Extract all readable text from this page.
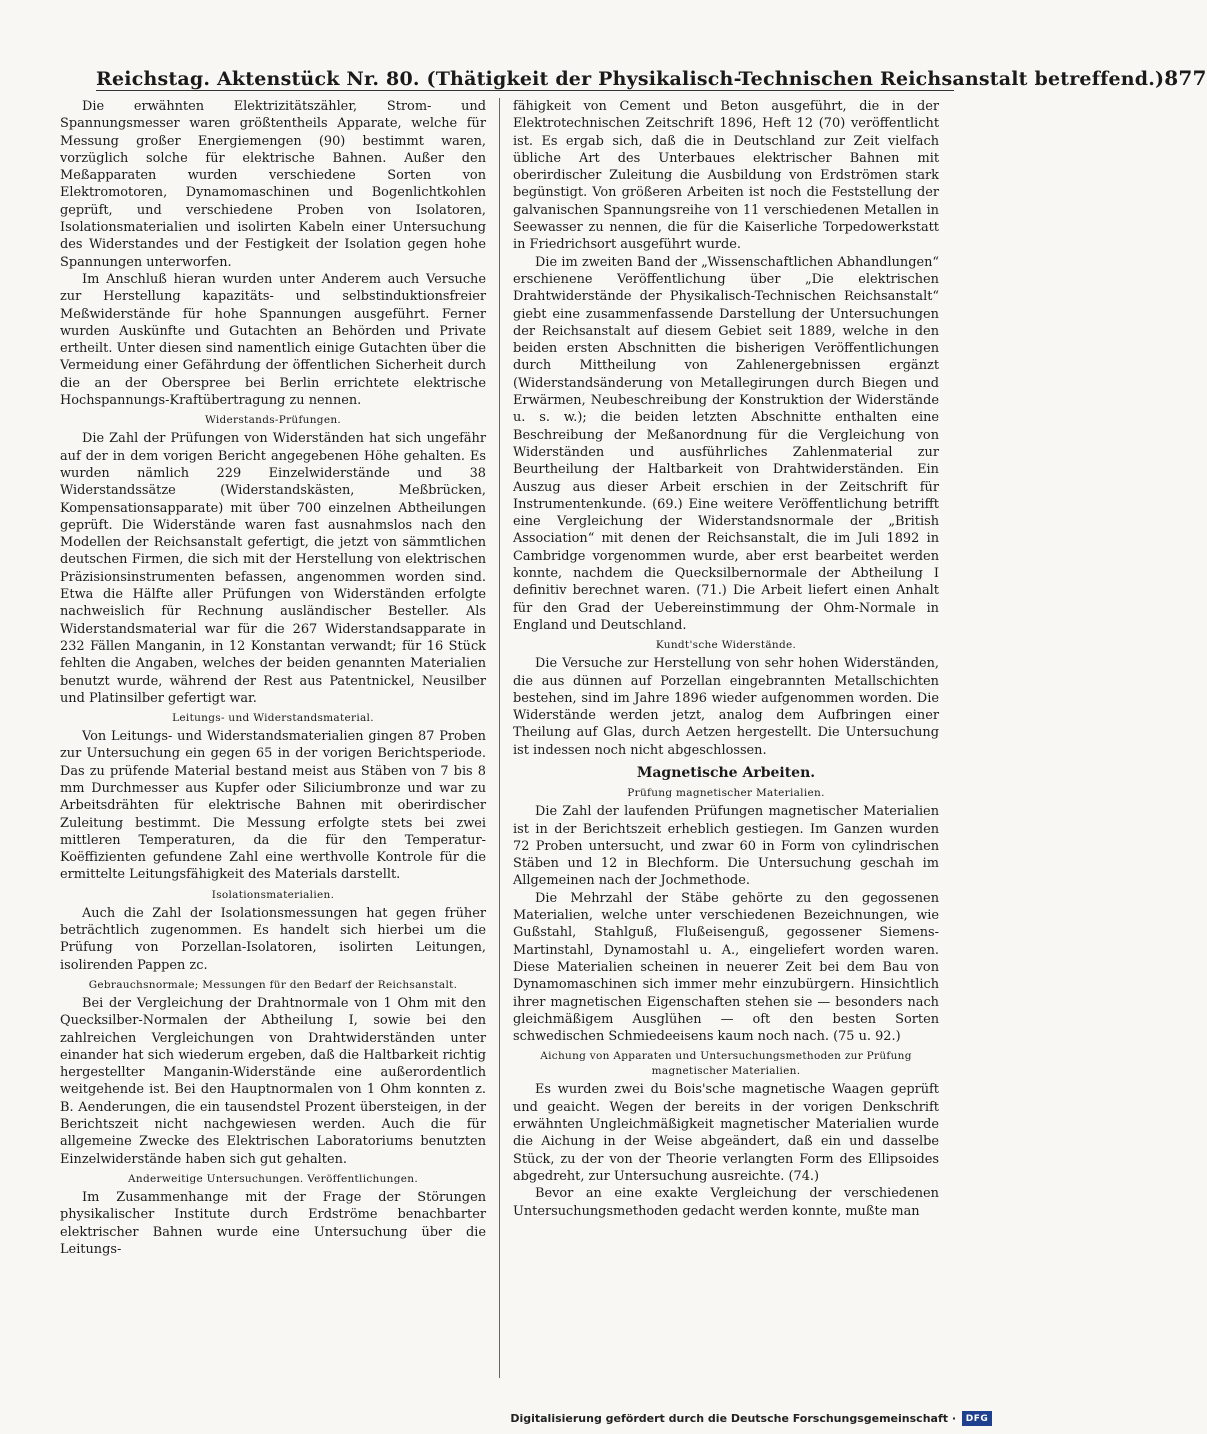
Reichstag. Aktenstück Nr. 80. (Thätigkeit der Physikalisch-Technischen Reichsanstalt betreffend.) 877

Die erwähnten Elektrizitätszähler, Strom- und Spannungsmesser waren größtentheils Apparate, welche für Messung großer Energiemengen (90) bestimmt waren, vorzüglich solche für elektrische Bahnen. Außer den Meßapparaten wurden verschiedene Sorten von Elektromotoren, Dynamomaschinen und Bogenlichtkohlen geprüft, und verschiedene Proben von Isolatoren, Isolationsmaterialien und isolirten Kabeln einer Untersuchung des Widerstandes und der Festigkeit der Isolation gegen hohe Spannungen unterworfen.

Im Anschluß hieran wurden unter Anderem auch Versuche zur Herstellung kapazitäts- und selbstinduktionsfreier Meßwiderstände für hohe Spannungen ausgeführt. Ferner wurden Auskünfte und Gutachten an Behörden und Private ertheilt. Unter diesen sind namentlich einige Gutachten über die Vermeidung einer Gefährdung der öffentlichen Sicherheit durch die an der Oberspree bei Berlin errichtete elektrische Hochspannungs-Kraftübertragung zu nennen.

Widerstands-Prüfungen.

Die Zahl der Prüfungen von Widerständen hat sich ungefähr auf der in dem vorigen Bericht angegebenen Höhe gehalten. Es wurden nämlich 229 Einzelwiderstände und 38 Widerstandssätze (Widerstandskästen, Meßbrücken, Kompensationsapparate) mit über 700 einzelnen Abtheilungen geprüft. Die Widerstände waren fast ausnahmslos nach den Modellen der Reichsanstalt gefertigt, die jetzt von sämmtlichen deutschen Firmen, die sich mit der Herstellung von elektrischen Präzisionsinstrumenten befassen, angenommen worden sind. Etwa die Hälfte aller Prüfungen von Widerständen erfolgte nachweislich für Rechnung ausländischer Besteller. Als Widerstandsmaterial war für die 267 Widerstandsapparate in 232 Fällen Manganin, in 12 Konstantan verwandt; für 16 Stück fehlten die Angaben, welches der beiden genannten Materialien benutzt wurde, während der Rest aus Patentnickel, Neusilber und Platinsilber gefertigt war.

Leitungs- und Widerstandsmaterial.

Von Leitungs- und Widerstandsmaterialien gingen 87 Proben zur Untersuchung ein gegen 65 in der vorigen Berichtsperiode. Das zu prüfende Material bestand meist aus Stäben von 7 bis 8 mm Durchmesser aus Kupfer oder Siliciumbronze und war zu Arbeitsdrähten für elektrische Bahnen mit oberirdischer Zuleitung bestimmt. Die Messung erfolgte stets bei zwei mittleren Temperaturen, da die für den Temperatur-Koëffizienten gefundene Zahl eine werthvolle Kontrole für die ermittelte Leitungsfähigkeit des Materials darstellt.

Isolationsmaterialien.

Auch die Zahl der Isolationsmessungen hat gegen früher beträchtlich zugenommen. Es handelt sich hierbei um die Prüfung von Porzellan-Isolatoren, isolirten Leitungen, isolirenden Pappen zc.

Gebrauchsnormale; Messungen für den Bedarf der Reichsanstalt.

Bei der Vergleichung der Drahtnormale von 1 Ohm mit den Quecksilber-Normalen der Abtheilung I, sowie bei den zahlreichen Vergleichungen von Drahtwiderständen unter einander hat sich wiederum ergeben, daß die Haltbarkeit richtig hergestellter Manganin-Widerstände eine außerordentlich weitgehende ist. Bei den Hauptnormalen von 1 Ohm konnten z. B. Aenderungen, die ein tausendstel Prozent übersteigen, in der Berichtszeit nicht nachgewiesen werden. Auch die für allgemeine Zwecke des Elektrischen Laboratoriums benutzten Einzelwiderstände haben sich gut gehalten.

Anderweitige Untersuchungen. Veröffentlichungen.

Im Zusammenhange mit der Frage der Störungen physikalischer Institute durch Erdströme benachbarter elektrischer Bahnen wurde eine Untersuchung über die Leitungs-

fähigkeit von Cement und Beton ausgeführt, die in der Elektrotechnischen Zeitschrift 1896, Heft 12 (70) veröffentlicht ist. Es ergab sich, daß die in Deutschland zur Zeit vielfach übliche Art des Unterbaues elektrischer Bahnen mit oberirdischer Zuleitung die Ausbildung von Erdströmen stark begünstigt. Von größeren Arbeiten ist noch die Feststellung der galvanischen Spannungsreihe von 11 verschiedenen Metallen in Seewasser zu nennen, die für die Kaiserliche Torpedowerkstatt in Friedrichsort ausgeführt wurde.

Die im zweiten Band der „Wissenschaftlichen Abhandlungen“ erschienene Veröffentlichung über „Die elektrischen Drahtwiderstände der Physikalisch-Technischen Reichsanstalt“ giebt eine zusammenfassende Darstellung der Untersuchungen der Reichsanstalt auf diesem Gebiet seit 1889, welche in den beiden ersten Abschnitten die bisherigen Veröffentlichungen durch Mittheilung von Zahlenergebnissen ergänzt (Widerstandsänderung von Metallegirungen durch Biegen und Erwärmen, Neubeschreibung der Konstruktion der Widerstände u. s. w.); die beiden letzten Abschnitte enthalten eine Beschreibung der Meßanordnung für die Vergleichung von Widerständen und ausführliches Zahlenmaterial zur Beurtheilung der Haltbarkeit von Drahtwiderständen. Ein Auszug aus dieser Arbeit erschien in der Zeitschrift für Instrumentenkunde. (69.) Eine weitere Veröffentlichung betrifft eine Vergleichung der Widerstandsnormale der „British Association“ mit denen der Reichsanstalt, die im Juli 1892 in Cambridge vorgenommen wurde, aber erst bearbeitet werden konnte, nachdem die Quecksilbernormale der Abtheilung I definitiv berechnet waren. (71.) Die Arbeit liefert einen Anhalt für den Grad der Uebereinstimmung der Ohm-Normale in England und Deutschland.

Kundt'sche Widerstände.

Die Versuche zur Herstellung von sehr hohen Widerständen, die aus dünnen auf Porzellan eingebrannten Metallschichten bestehen, sind im Jahre 1896 wieder aufgenommen worden. Die Widerstände werden jetzt, analog dem Aufbringen einer Theilung auf Glas, durch Aetzen hergestellt. Die Untersuchung ist indessen noch nicht abgeschlossen.

Magnetische Arbeiten.
Prüfung magnetischer Materialien.

Die Zahl der laufenden Prüfungen magnetischer Materialien ist in der Berichtszeit erheblich gestiegen. Im Ganzen wurden 72 Proben untersucht, und zwar 60 in Form von cylindrischen Stäben und 12 in Blechform. Die Untersuchung geschah im Allgemeinen nach der Jochmethode.

Die Mehrzahl der Stäbe gehörte zu den gegossenen Materialien, welche unter verschiedenen Bezeichnungen, wie Gußstahl, Stahlguß, Flußeisenguß, gegossener Siemens-Martinstahl, Dynamostahl u. A., eingeliefert worden waren. Diese Materialien scheinen in neuerer Zeit bei dem Bau von Dynamomaschinen sich immer mehr einzubürgern. Hinsichtlich ihrer magnetischen Eigenschaften stehen sie — besonders nach gleichmäßigem Ausglühen — oft den besten Sorten schwedischen Schmiedeeisens kaum noch nach. (75 u. 92.)

Aichung von Apparaten und Untersuchungsmethoden zur Prüfung magnetischer Materialien.

Es wurden zwei du Bois'sche magnetische Waagen geprüft und geaicht. Wegen der bereits in der vorigen Denkschrift erwähnten Ungleichmäßigkeit magnetischer Materialien wurde die Aichung in der Weise abgeändert, daß ein und dasselbe Stück, zu der von der Theorie verlangten Form des Ellipsoides abgedreht, zur Untersuchung ausreichte. (74.)

Bevor an eine exakte Vergleichung der verschiedenen Untersuchungsmethoden gedacht werden konnte, mußte man

Digitalisierung gefördert durch die Deutsche Forschungsgemeinschaft ·	DFG
